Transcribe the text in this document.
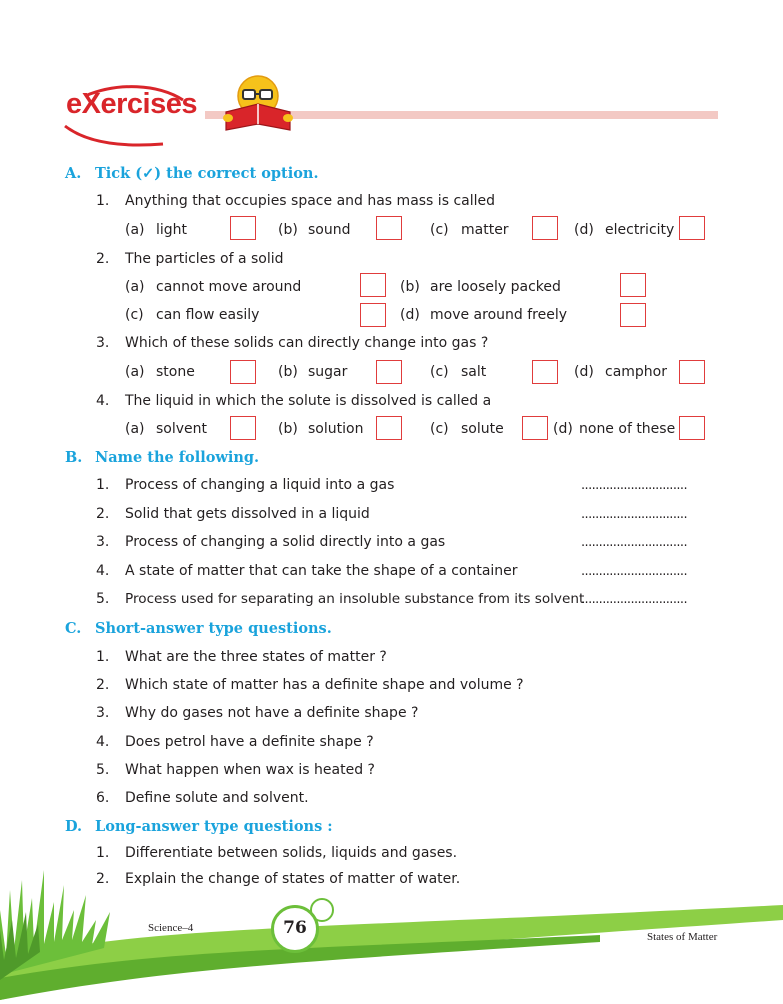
eXercises
A. Tick (✓) the correct option.
1. Anything that occupies space and has mass is called
(a) light	(b) sound	(c) matter	(d) electricity
2. The particles of a solid
(a) cannot move around	(b) are loosely packed
(c) can flow easily	(d) move around freely
3. Which of these solids can directly change into gas ?
(a) stone	(b) sugar	(c) salt	(d) camphor
4. The liquid in which the solute is dissolved is called a
(a) solvent	(b) solution	(c) solute	(d) none of these
B. Name the following.
1. Process of changing a liquid into a gas	..............................
2. Solid that gets dissolved in a liquid	..............................
3. Process of changing a solid directly into a gas	..............................
4. A state of matter that can take the shape of a container	..............................
5. Process used for separating an insoluble substance from its solvent
..............................
C. Short-answer type questions.
1. What are the three states of matter ?
2. Which state of matter has a definite shape and volume ?
3. Why do gases not have a definite shape ?
4. Does petrol have a definite shape ?
5. What happen when wax is heated ?
6. Define solute and solvent.
D. Long-answer type questions :
1. Differentiate between solids, liquids and gases.
2. Explain the change of states of matter of water.
76
Science–4
States of Matter
